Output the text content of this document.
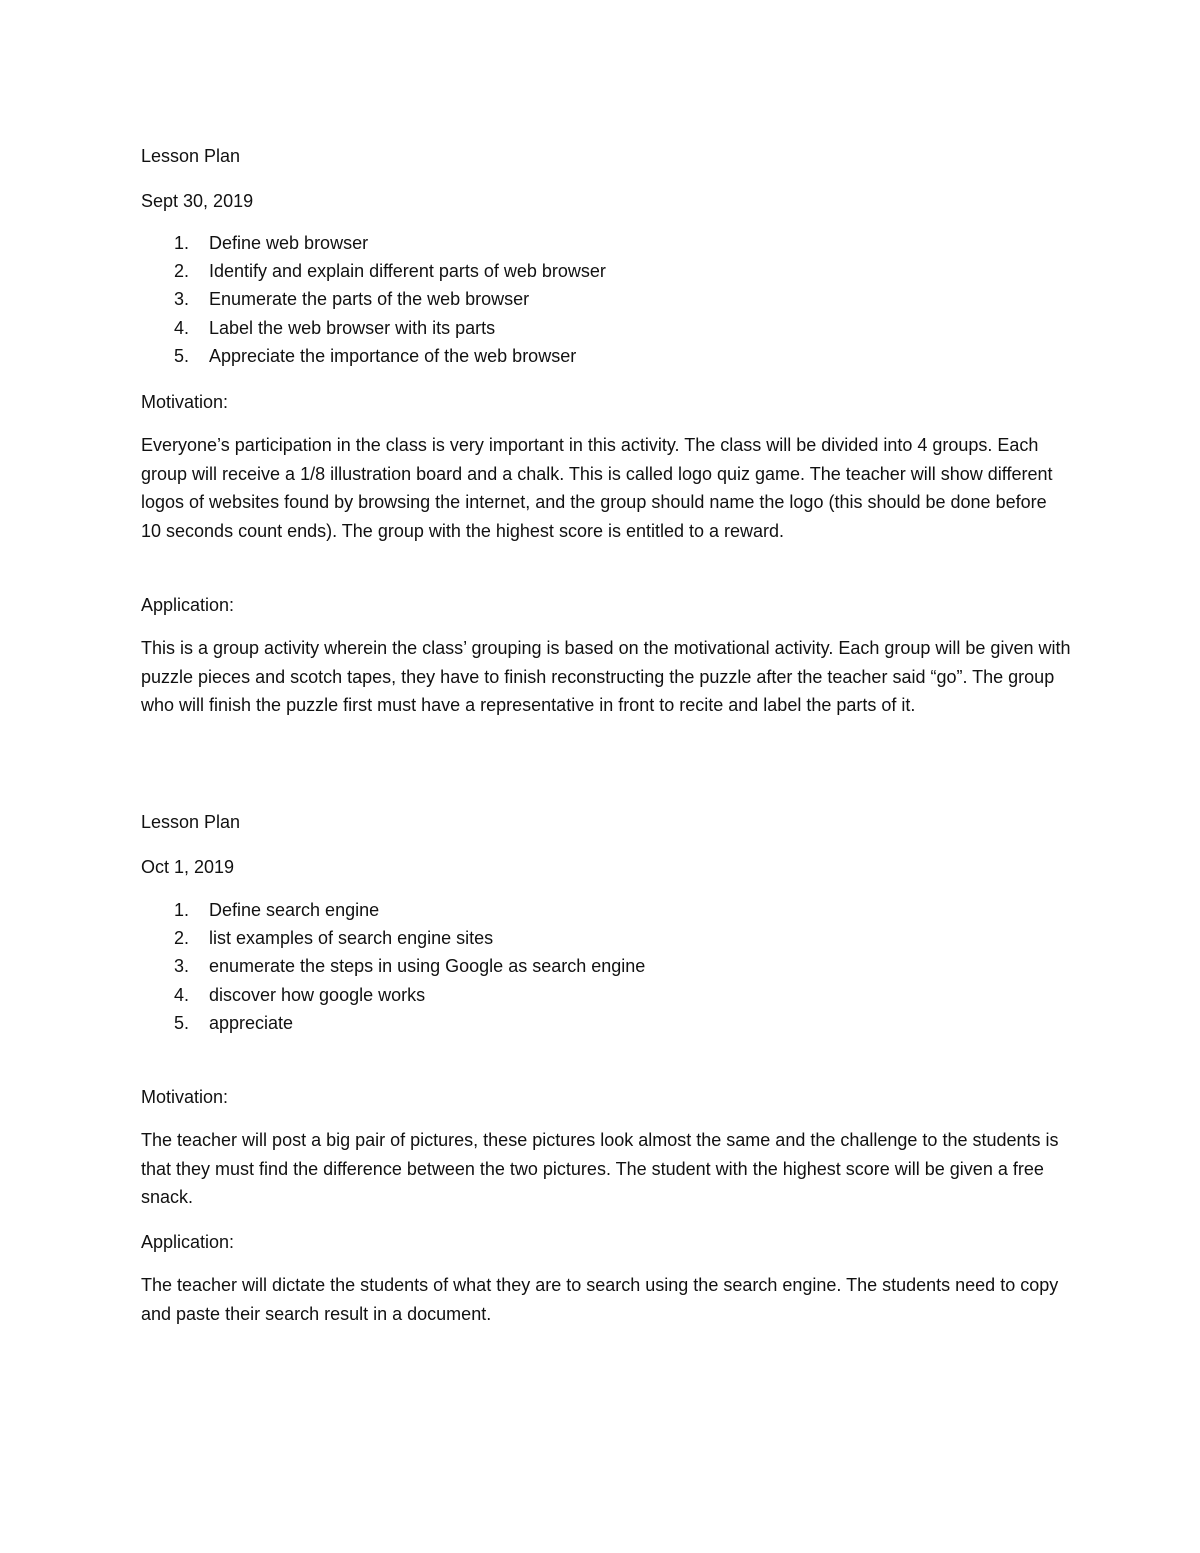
Lesson Plan

Sept 30, 2019

1. Define web browser
2. Identify and explain different parts of web browser
3. Enumerate the parts of the web browser
4. Label the web browser with its parts
5. Appreciate the importance of the web browser

Motivation:

Everyone’s participation in the class is very important in this activity. The class will be divided into 4 groups. Each group will receive a 1/8 illustration board and a chalk. This is called logo quiz game. The teacher will show different logos of websites found by browsing the internet, and the group should name the logo (this should be done before 10 seconds count ends). The group with the highest score is entitled to a reward.

Application:

This is a group activity wherein the class’ grouping is based on the motivational activity. Each group will be given with puzzle pieces and scotch tapes, they have to finish reconstructing the puzzle after the teacher said “go”. The group who will finish the puzzle first must have a representative in front to recite and label the parts of it.

Lesson Plan

Oct 1, 2019

1. Define search engine
2. list examples of search engine sites
3. enumerate the steps in using Google as search engine
4. discover how google works
5. appreciate

Motivation:

The teacher will post a big pair of pictures, these pictures look almost the same and the challenge to the students is that they must find the difference between the two pictures. The student with the highest score will be given a free snack.

Application:

The teacher will dictate the students of what they are to search using the search engine. The students need to copy and paste their search result in a document.
